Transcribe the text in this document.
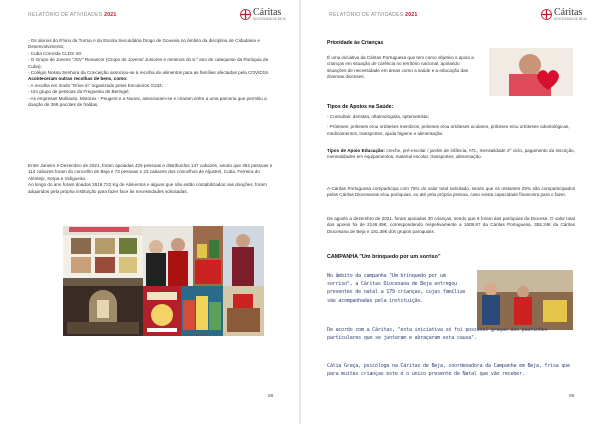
RELATÓRIO DE ATIVIDADES 2021	Cáritas
DIOCESANA DE BEJA
- Os alunos do 9ºano da Turma A da Escola Secundária Diogo de Gouveia no âmbito da disciplina de Cidadania e Desenvolvimento;
- Cuba ConVida CLDS 4G
- O Grupo de Jovens "JSV" Renascer (Grupo de Jovens/ Juniores e meninos do 6.º ano de catequese da Paróquia de Cuba);
- Colégio Nossa Senhora da Conceição associou-se à recolha de alimentos para as famílias afectadas pela COVID19.
Aconteceram outras recolhas de bens, como:
- A recolha em modo "Drive in" organizado pelos Escuteiros G234;
- Um grupo de pessoas da Freguesia de Beringel;
- As empresas Multiauto, Motorex - Peugeot e a Nunex, associaram-se e criaram entre a uma parceria que permitiu a doação de 268 pacotes de fraldas.
Entre Janeiro e Dezembro de 2021, foram apoiadas 425 pessoas e distribuídos 137 cabazes, sendo que 352 pessoas e 114 cabazes foram do concelho de Beja e 73 pessoas e 23 cabazes dos concelhos de Aljustrel, Cuba, Ferreira do Alentejo, Serpa e Vidigueira.
Ao longo do ano foram doados 2619.722 Kg de Alimentos e alguns que não estão contabilizados nas doações, foram adquiridos pela própria instituição para fazer face às necessidades solicitadas.
88
RELATÓRIO DE ATIVIDADES 2021	Cáritas
DIOCESANA DE BEJA
Prioridade às Crianças
É uma iniciativa da Cáritas Portuguesa que tem como objetivo o apoio a crianças em situação de carência no território nacional, apoiando situações de necessidade em áreas como a saúde e a educação das diversas dioceses.
Tipos de Apoios na Saúde:
- Consultas: dentista, oftalmologista, optometrista;
- Próteses: próteses e/ou ortóteses membros, próteses e/ou ortóteses oculares, próteses e/ou ortóteses odontológicas, medicamentos, transportes, ajuda higiene e alimentação.
Tipos de Apoio Educação: creche, pré-escolar / jardim de infância, ATL, mensalidade 2º ciclo, pagamento da inscrição, mensalidades em equipamentos, material escolar, transportes, alimentação.
A Cáritas Portuguesa comparticipa com 75% do valor total solicitado, sendo que os restantes 25% são comparticipados pelas Cáritas Diocesanas e/ou paróquias, ou até pela própria pessoa, caso exista capacidade financeira para o fazer.
De agosto a dezembro de 2021, foram apoiadas 30 crianças, sendo que 9 foram das paróquias da Diocese. O valor total dos apoios foi de 2146.49€, correspondendo respetivamente a 1609.87 da Cáritas Portuguesa, 355.24€ da Cáritas Diocesana de Beja e 181.38€ dos grupos paroquiais.
CAMPANHA "Um brinquedo por um sorriso"
No âmbito da campanha "Um brinquedo por um sorriso", a Cáritas Diocesana de Beja entregou presentes de natal a 179 crianças, cujas famílias são acompanhadas pela instituição.
De acordo com a Cáritas, "esta iniciativa só foi possível graças aos padrinhos particulares que se juntaram e abraçaram esta causa".
Cátia Graça, psicóloga na Cáritas de Beja, coordenadora da Campanha em Beja, frisa que para muitas crianças este é o único presente de Natal que vão receber.
89
